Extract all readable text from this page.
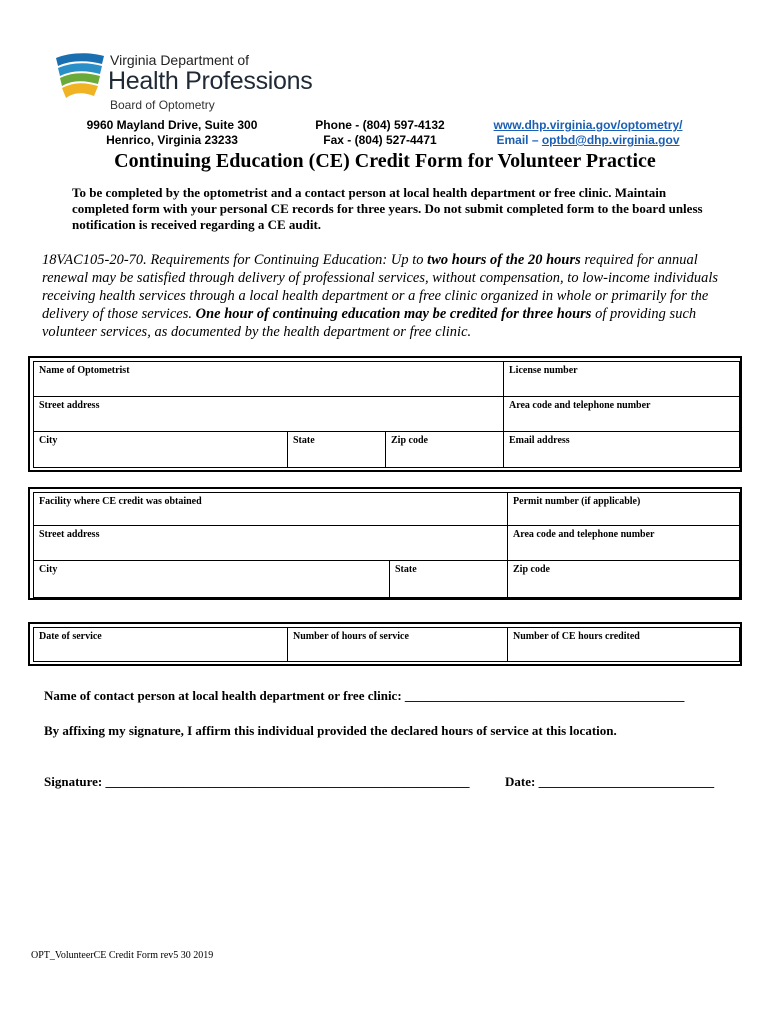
Virginia Department of
Health Professions
Board of Optometry
9960 Mayland Drive, Suite 300
Henrico, Virginia 23233
Phone - (804) 597-4132
Fax - (804) 527-4471
www.dhp.virginia.gov/optometry/
Email – optbd@dhp.virginia.gov
Continuing Education (CE) Credit Form for Volunteer Practice
To be completed by the optometrist and a contact person at local health department or free clinic. Maintain completed form with your personal CE records for three years. Do not submit completed form to the board unless notification is received regarding a CE audit.
18VAC105-20-70. Requirements for Continuing Education: Up to two hours of the 20 hours required for annual renewal may be satisfied through delivery of professional services, without compensation, to low-income individuals receiving health services through a local health department or a free clinic organized in whole or primarily for the delivery of those services. One hour of continuing education may be credited for three hours of providing such volunteer services, as documented by the health department or free clinic.
Name of Optometrist			License number
Street address			Area code and telephone number
City	State	Zip code	Email address
Facility where CE credit was obtained		Permit number (if applicable)
Street address		Area code and telephone number
City	State	Zip code
Date of service	Number of hours of service	Number of CE hours credited
Name of contact person at local health department or free clinic: ___________________________________________
By affixing my signature, I affirm this individual provided the declared hours of service at this location.
Signature: ________________________________________________________	Date: ___________________________
OPT_VolunteerCE Credit Form rev5 30 2019
